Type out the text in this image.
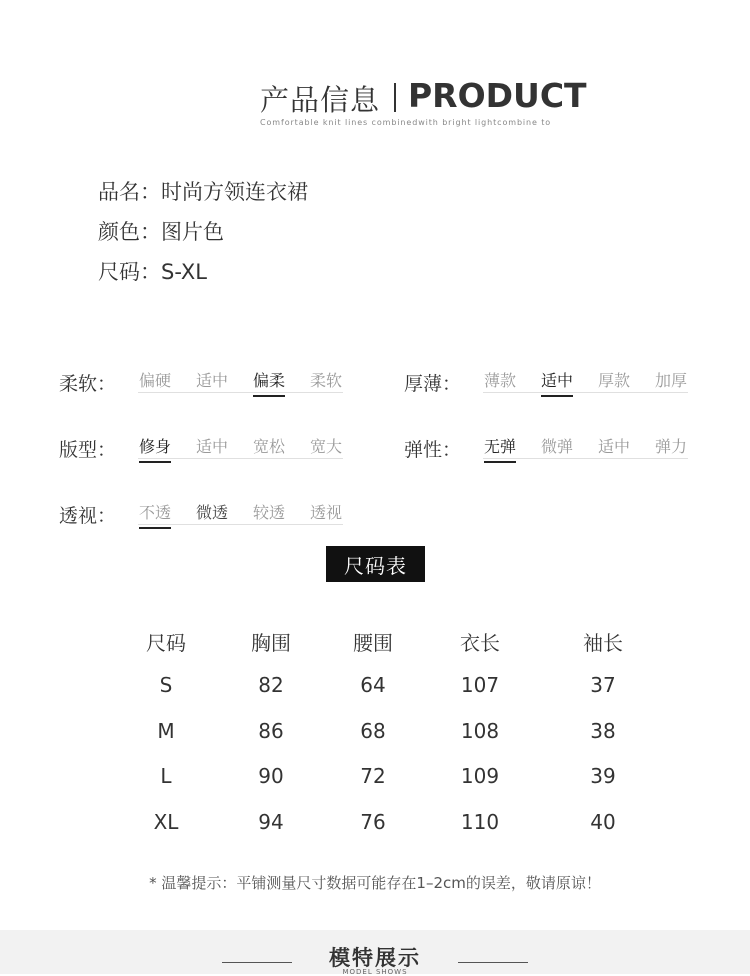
产品信息 PRODUCT
Comfortable knit lines combinedwith bright lightcombine to
品名：时尚方领连衣裙
颜色：图片色
尺码：S-XL
柔软： 偏硬 适中 偏柔 柔软	厚薄： 薄款 适中 厚款 加厚
版型： 修身 适中 宽松 宽大	弹性： 无弹 微弹 适中 弹力
透视： 不透 微透 较透 透视
尺码表
尺码	胸围	腰围	衣长	袖长
S	82	64	107	37
M	86	68	108	38
L	90	72	109	39
XL	94	76	110	40
* 温馨提示：平铺测量尺寸数据可能存在1–2cm的误差，敬请原谅！
模特展示
MODEL SHOWS
